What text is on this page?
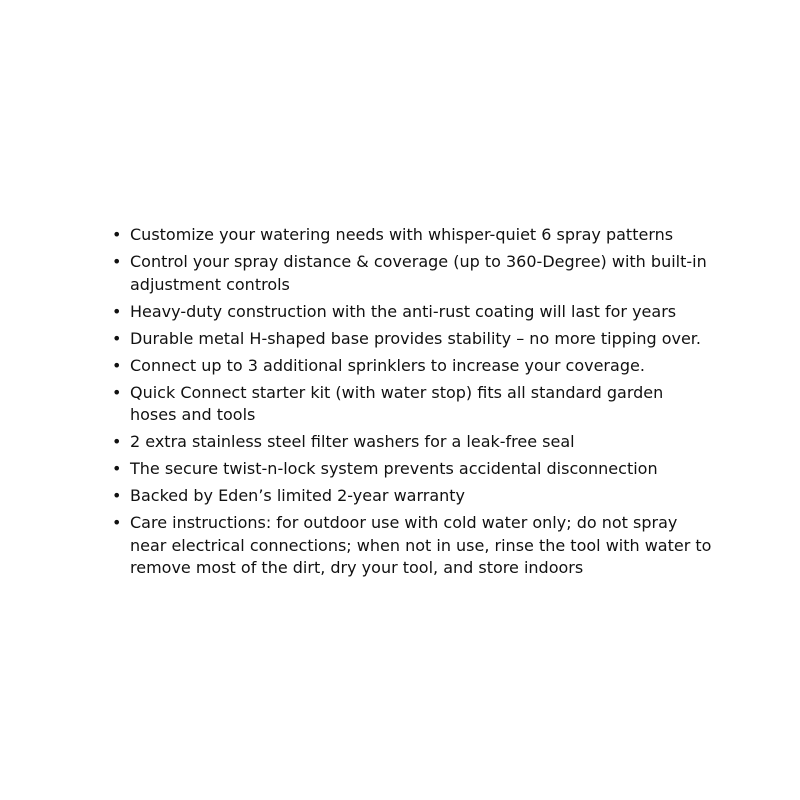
• Customize your watering needs with whisper-quiet 6 spray patterns
• Control your spray distance & coverage (up to 360-Degree) with built-in adjustment controls
• Heavy-duty construction with the anti-rust coating will last for years
• Durable metal H-shaped base provides stability – no more tipping over.
• Connect up to 3 additional sprinklers to increase your coverage.
• Quick Connect starter kit (with water stop) fits all standard garden hoses and tools
• 2 extra stainless steel filter washers for a leak-free seal
• The secure twist-n-lock system prevents accidental disconnection
• Backed by Eden’s limited 2-year warranty
• Care instructions: for outdoor use with cold water only; do not spray near electrical connections; when not in use, rinse the tool with water to remove most of the dirt, dry your tool, and store indoors
